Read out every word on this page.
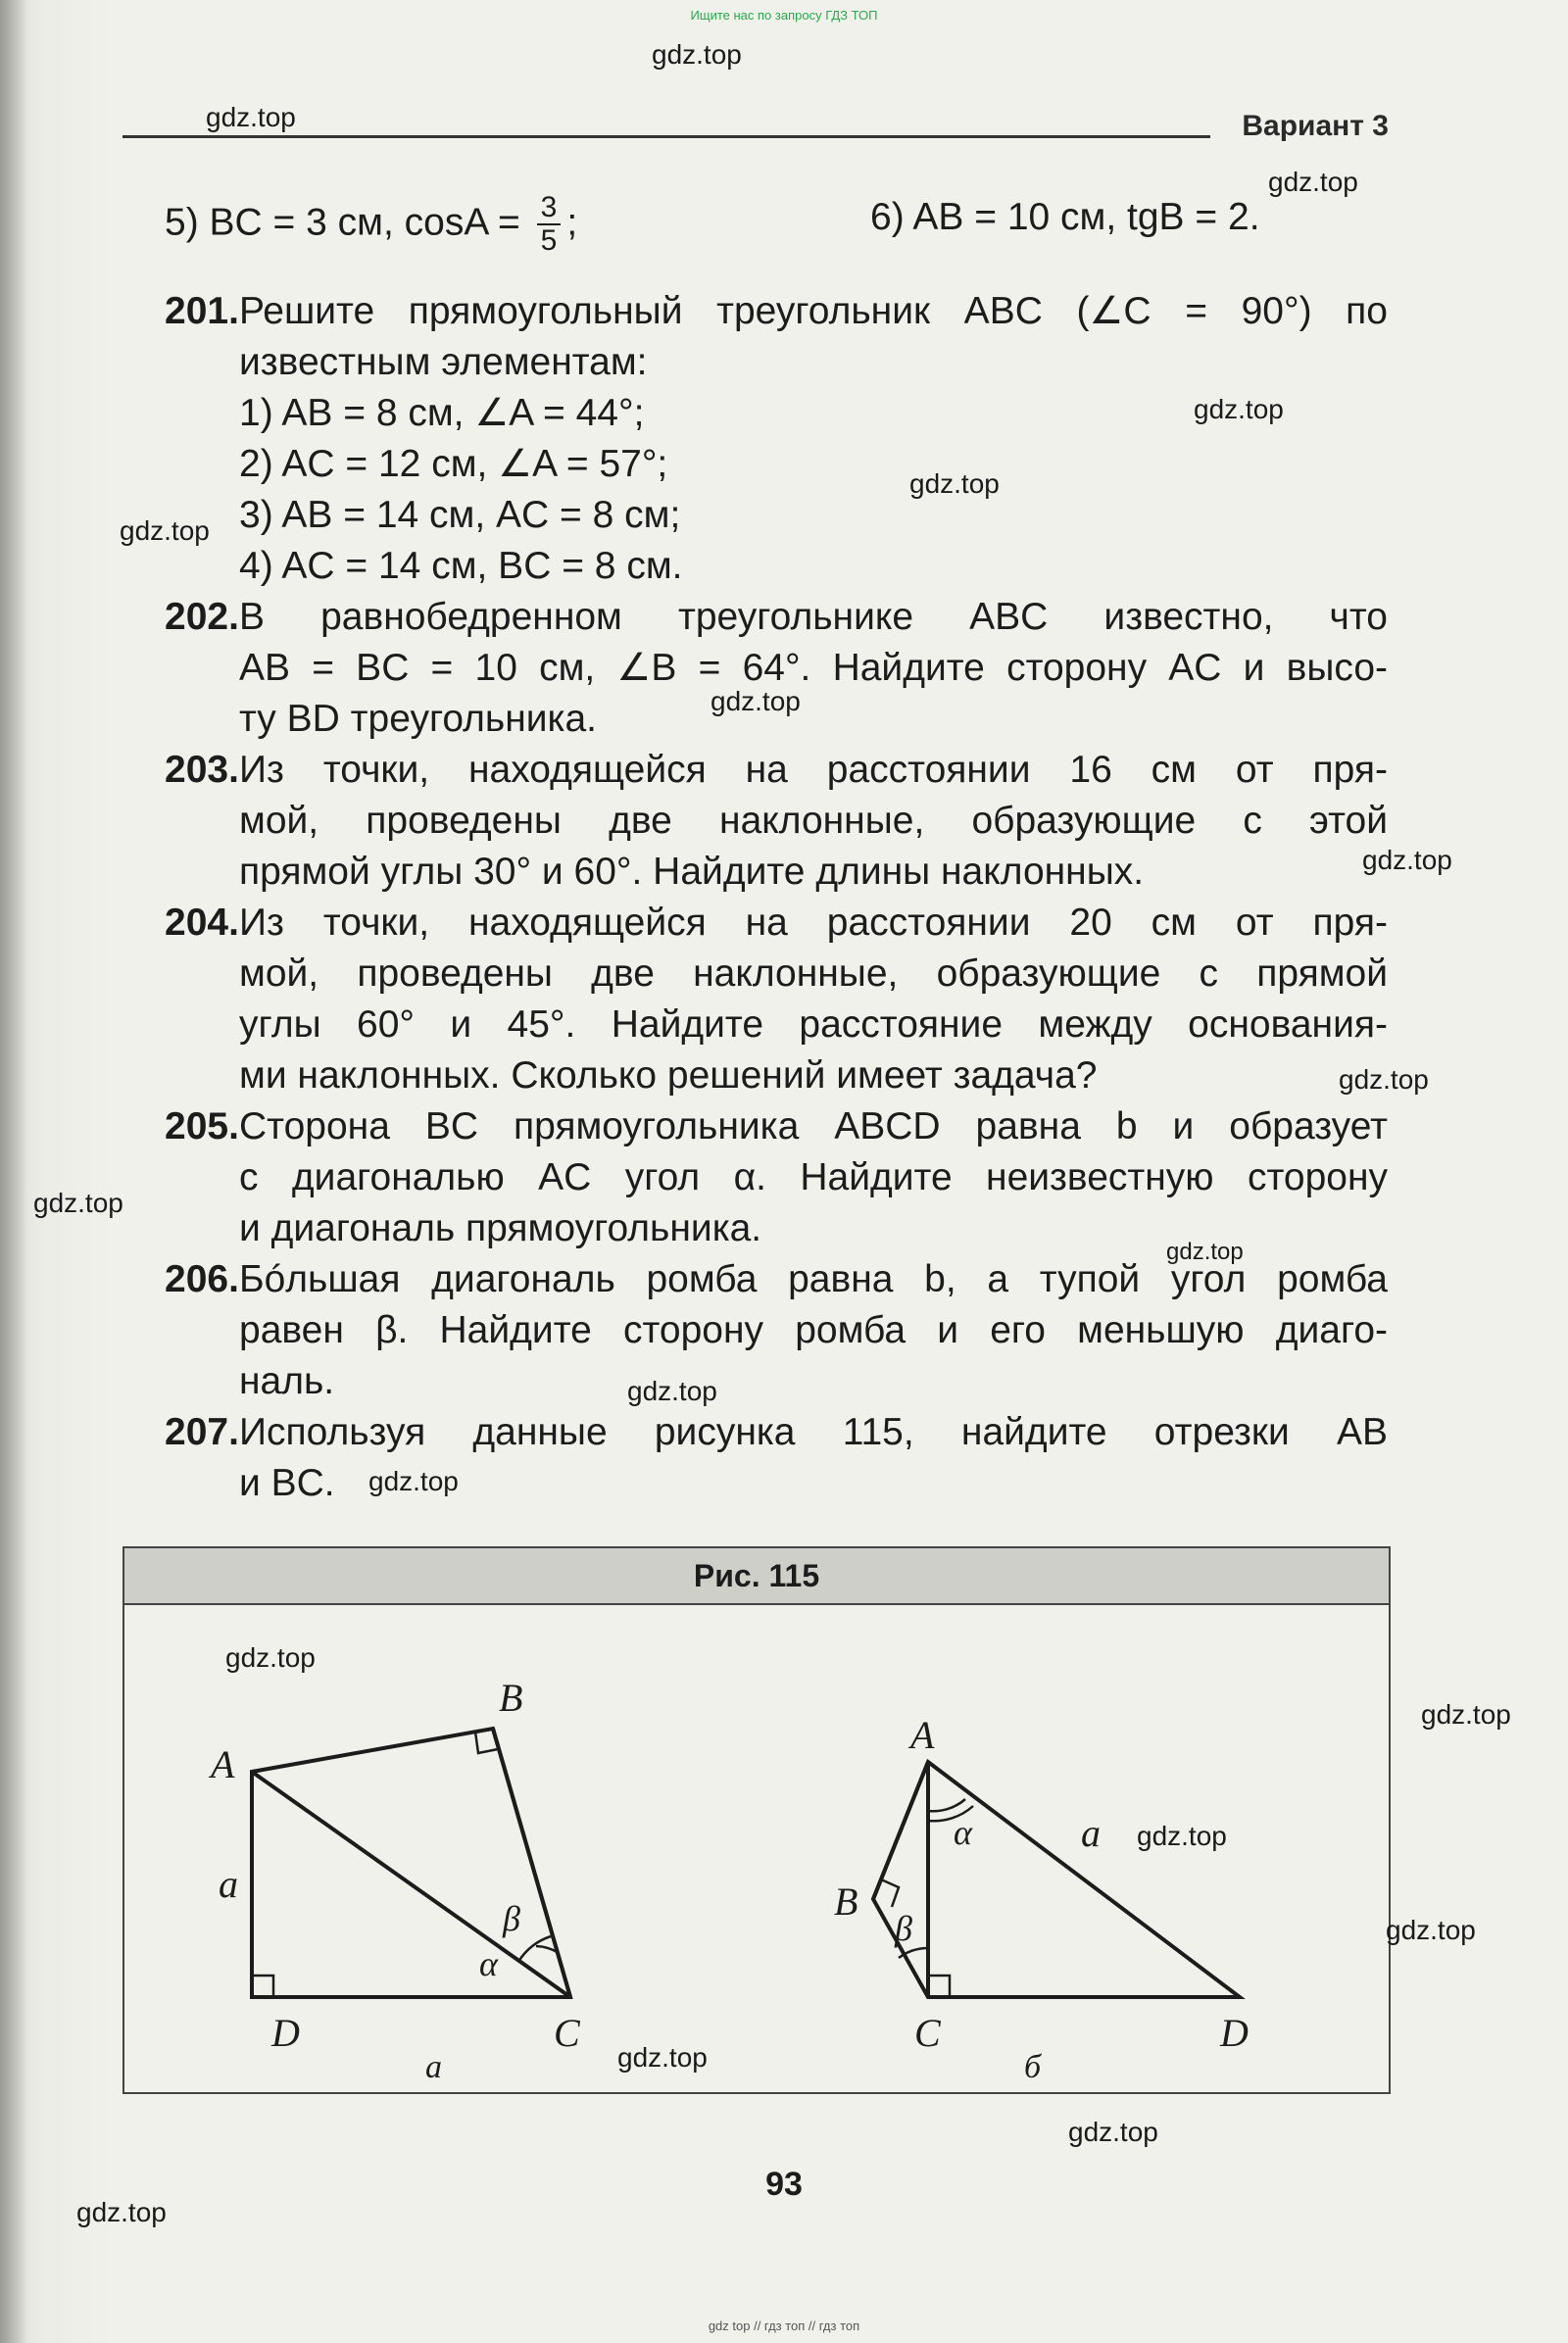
Ищите нас по запросу ГДЗ ТОП
Вариант 3
5) BC = 3 см, $\cos A = \frac{3}{5}$ ;	6) AB = 10 см, tgB = 2.
201. Решите прямоугольный треугольник ABC (∠C = 90°) по
известным элементам:
1) AB = 8 см, ∠A = 44°;
2) AC = 12 см, ∠A = 57°;
3) AB = 14 см, AC = 8 см;
4) AC = 14 см, BC = 8 см.
202. В равнобедренном треугольнике ABC известно, что
AB = BC = 10 см, ∠B = 64°. Найдите сторону AC и высо-
ту BD треугольника.
203. Из точки, находящейся на расстоянии 16 см от пря-
мой, проведены две наклонные, образующие с этой
прямой углы 30° и 60°. Найдите длины наклонных.
204. Из точки, находящейся на расстоянии 20 см от пря-
мой, проведены две наклонные, образующие с прямой
углы 60° и 45°. Найдите расстояние между основания-
ми наклонных. Сколько решений имеет задача?
205. Сторона BC прямоугольника ABCD равна b и образует
с диагональю AC угол α. Найдите неизвестную сторону
и диагональ прямоугольника.
206. Бóльшая диагональ ромба равна b, а тупой угол ромба
равен β. Найдите сторону ромба и его меньшую диаго-
наль.
207. Используя данные рисунка 115, найдите отрезки AB
и BC.
Рис. 115
A
B
C
D
a
α
β
а
A
B
C	D
a
α
β
б
93
gdz.top
gdz.top
gdz.top
gdz.top
gdz.top
gdz.top
gdz.top
gdz.top
gdz.top
gdz.top
gdz.top
gdz.top
gdz.top
gdz.top
gdz.top
gdz.top
gdz.top
gdz.top
gdz.top
gdz.top
gdz top // гдз топ // гдз топ
